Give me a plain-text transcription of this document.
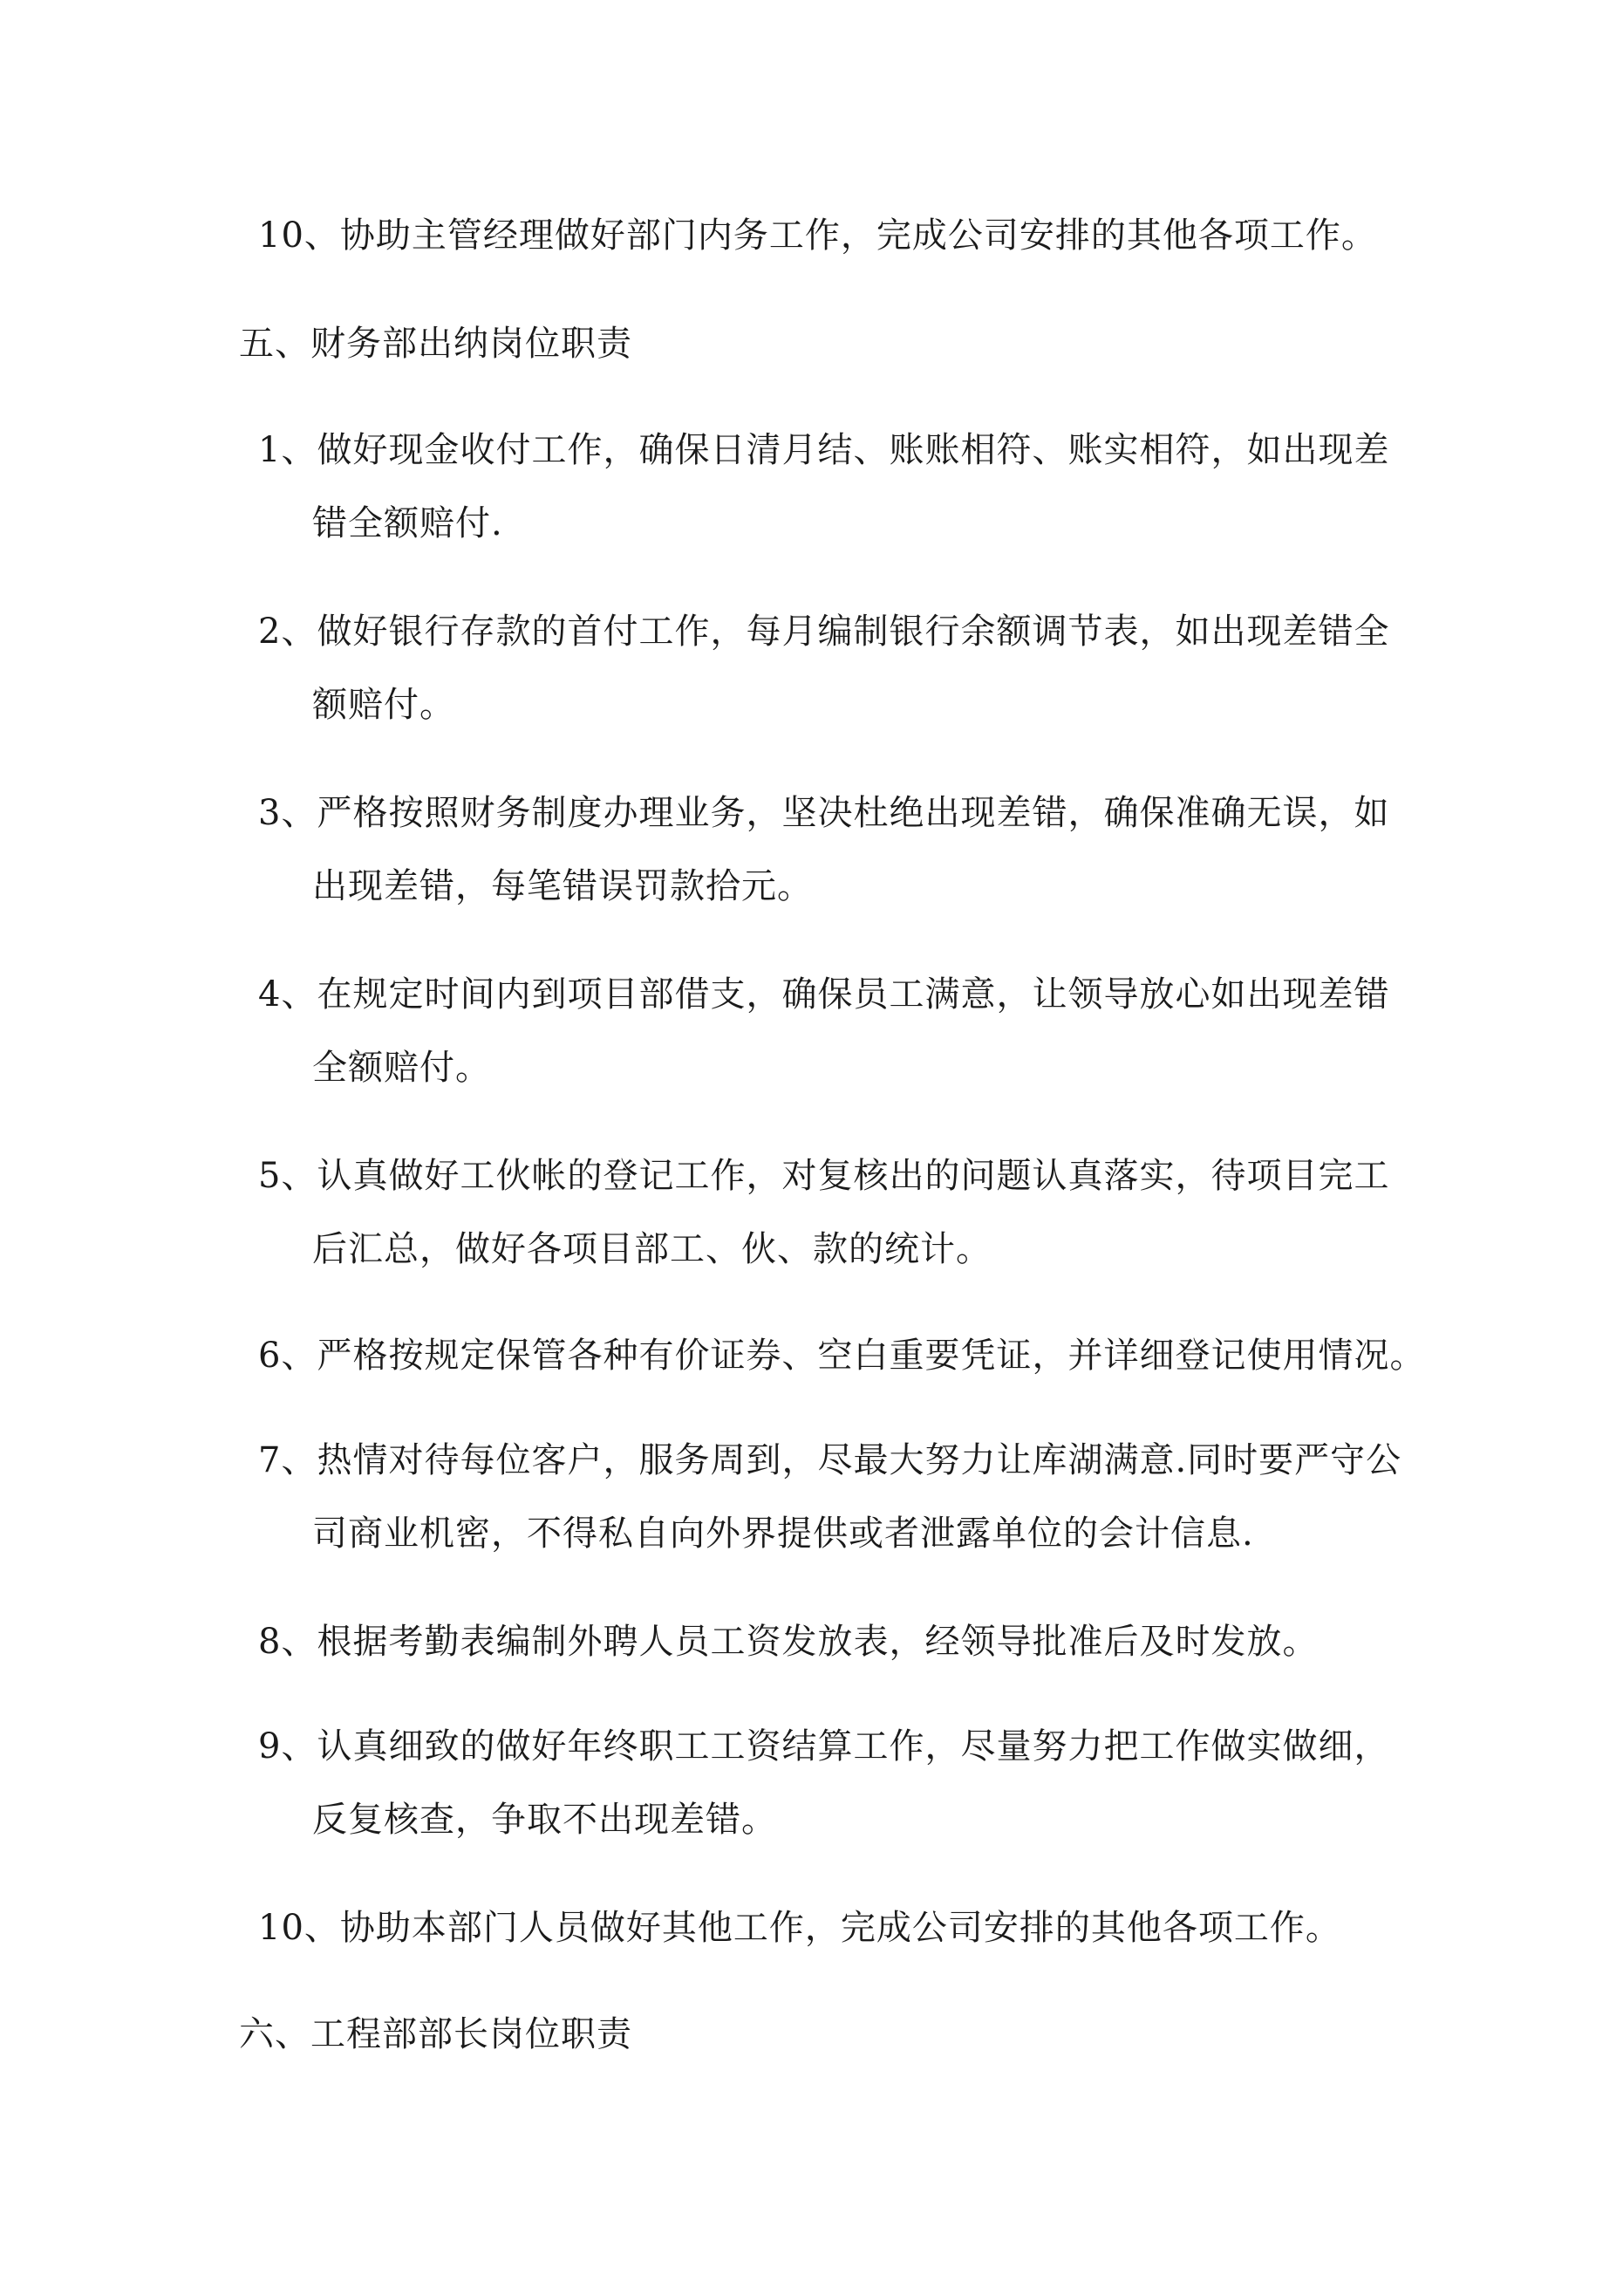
10、协助主管经理做好部门内务工作，完成公司安排的其他各项工作。
五、财务部出纳岗位职责
1、做好现金收付工作，确保日清月结、账账相符、账实相符，如出现差
错全额赔付.
2、做好银行存款的首付工作，每月编制银行余额调节表，如出现差错全
额赔付。
3、严格按照财务制度办理业务，坚决杜绝出现差错，确保准确无误，如
出现差错，每笔错误罚款拾元。
4、在规定时间内到项目部借支，确保员工满意，让领导放心如出现差错
全额赔付。
5、认真做好工伙帐的登记工作，对复核出的问题认真落实，待项目完工
后汇总，做好各项目部工、伙、款的统计。
6、严格按规定保管各种有价证券、空白重要凭证，并详细登记使用情况。
7、热情对待每位客户，服务周到，尽最大努力让库湖满意.同时要严守公
司商业机密，不得私自向外界提供或者泄露单位的会计信息.
8、根据考勤表编制外聘人员工资发放表，经领导批准后及时发放。
9、认真细致的做好年终职工工资结算工作，尽量努力把工作做实做细，
反复核查，争取不出现差错。
10、协助本部门人员做好其他工作，完成公司安排的其他各项工作。
六、工程部部长岗位职责
